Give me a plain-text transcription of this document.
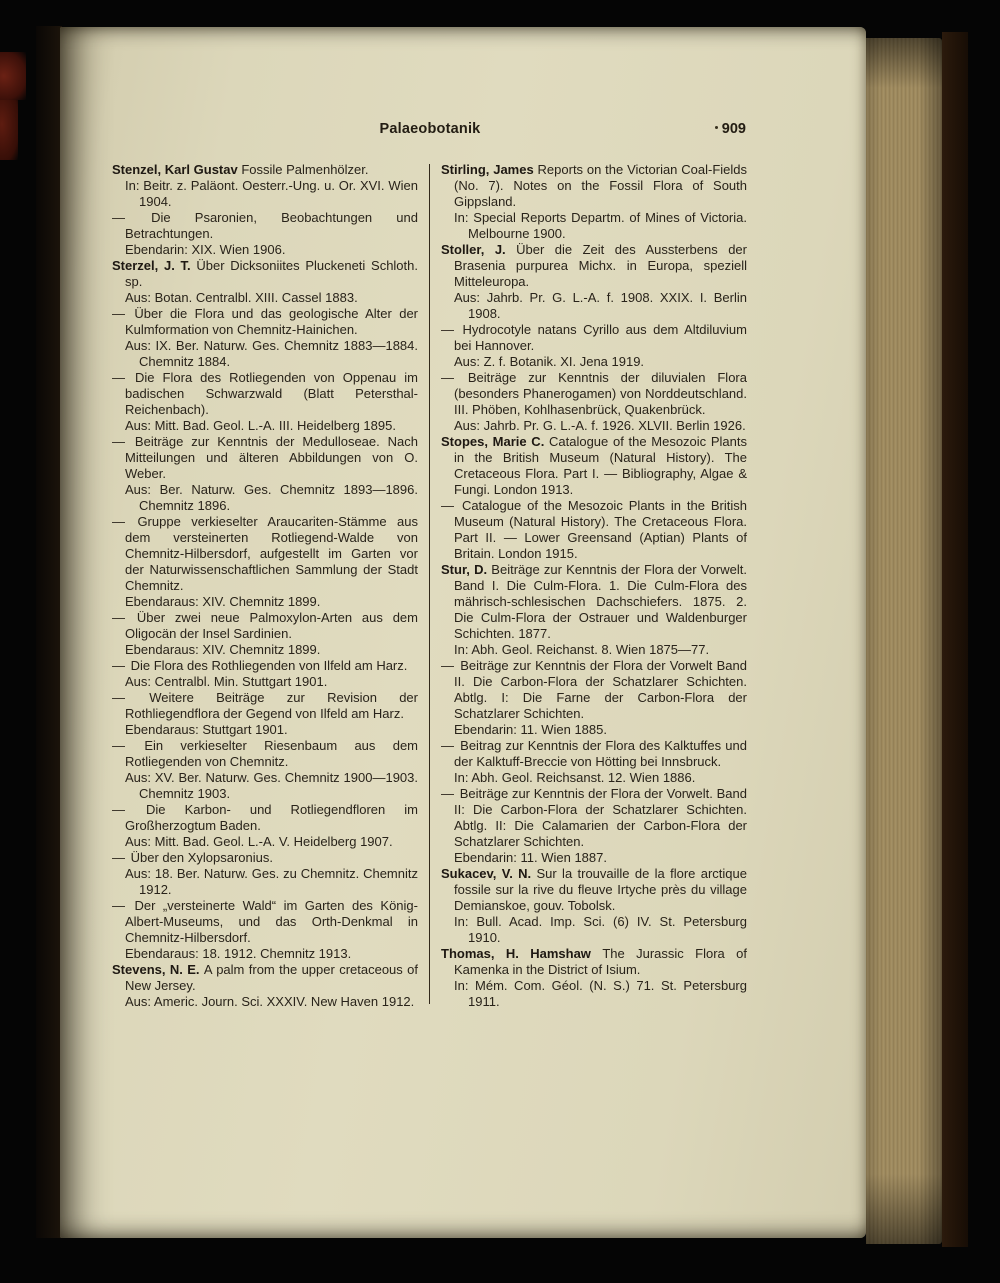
Palaeobotanik	909

Stenzel, Karl Gustav Fossile Palmenhölzer.

In: Beitr. z. Paläont. Oesterr.-Ung. u. Or. XVI. Wien 1904.

— Die Psaronien, Beobachtungen und Betrachtungen.

Ebendarin: XIX. Wien 1906.

Sterzel, J. T. Über Dicksoniites Pluckeneti Schloth. sp.

Aus: Botan. Centralbl. XIII. Cassel 1883.

— Über die Flora und das geologische Alter der Kulmformation von Chemnitz-Hainichen.

Aus: IX. Ber. Naturw. Ges. Chemnitz 1883—1884. Chemnitz 1884.

— Die Flora des Rotliegenden von Oppenau im badischen Schwarzwald (Blatt Petersthal-Reichenbach).

Aus: Mitt. Bad. Geol. L.-A. III. Heidelberg 1895.

— Beiträge zur Kenntnis der Medulloseae. Nach Mitteilungen und älteren Abbildungen von O. Weber.

Aus: Ber. Naturw. Ges. Chemnitz 1893—1896. Chemnitz 1896.

— Gruppe verkieselter Araucariten-Stämme aus dem versteinerten Rotliegend-Walde von Chemnitz-Hilbersdorf, aufgestellt im Garten vor der Naturwissenschaftlichen Sammlung der Stadt Chemnitz.

Ebendaraus: XIV. Chemnitz 1899.

— Über zwei neue Palmoxylon-Arten aus dem Oligocän der Insel Sardinien.

Ebendaraus: XIV. Chemnitz 1899.

— Die Flora des Rothliegenden von Ilfeld am Harz.

Aus: Centralbl. Min. Stuttgart 1901.

— Weitere Beiträge zur Revision der Rothliegendflora der Gegend von Ilfeld am Harz.

Ebendaraus: Stuttgart 1901.

— Ein verkieselter Riesenbaum aus dem Rotliegenden von Chemnitz.

Aus: XV. Ber. Naturw. Ges. Chemnitz 1900—1903. Chemnitz 1903.

— Die Karbon- und Rotliegendfloren im Großherzogtum Baden.

Aus: Mitt. Bad. Geol. L.-A. V. Heidelberg 1907.

— Über den Xylopsaronius.

Aus: 18. Ber. Naturw. Ges. zu Chemnitz. Chemnitz 1912.

— Der „versteinerte Wald“ im Garten des König-Albert-Museums, und das Orth-Denkmal in Chemnitz-Hilbersdorf.

Ebendaraus: 18. 1912. Chemnitz 1913.

Stevens, N. E. A palm from the upper cretaceous of New Jersey.

Aus: Americ. Journ. Sci. XXXIV. New Haven 1912.

Stirling, James Reports on the Victorian Coal-Fields (No. 7). Notes on the Fossil Flora of South Gippsland.

In: Special Reports Departm. of Mines of Victoria. Melbourne 1900.

Stoller, J. Über die Zeit des Aussterbens der Brasenia purpurea Michx. in Europa, speziell Mitteleuropa.

Aus: Jahrb. Pr. G. L.-A. f. 1908. XXIX. I. Berlin 1908.

— Hydrocotyle natans Cyrillo aus dem Altdiluvium bei Hannover.

Aus: Z. f. Botanik. XI. Jena 1919.

— Beiträge zur Kenntnis der diluvialen Flora (besonders Phanerogamen) von Norddeutschland. III. Phöben, Kohlhasenbrück, Quakenbrück.

Aus: Jahrb. Pr. G. L.-A. f. 1926. XLVII. Berlin 1926.

Stopes, Marie C. Catalogue of the Mesozoic Plants in the British Museum (Natural History). The Cretaceous Flora. Part I. — Bibliography, Algae & Fungi. London 1913.

— Catalogue of the Mesozoic Plants in the British Museum (Natural History). The Cretaceous Flora. Part II. — Lower Greensand (Aptian) Plants of Britain. London 1915.

Stur, D. Beiträge zur Kenntnis der Flora der Vorwelt. Band I. Die Culm-Flora. 1. Die Culm-Flora des mährisch-schlesischen Dachschiefers. 1875. 2. Die Culm-Flora der Ostrauer und Waldenburger Schichten. 1877.

In: Abh. Geol. Reichanst. 8. Wien 1875—77.

— Beiträge zur Kenntnis der Flora der Vorwelt Band II. Die Carbon-Flora der Schatzlarer Schichten. Abtlg. I: Die Farne der Carbon-Flora der Schatzlarer Schichten.

Ebendarin: 11. Wien 1885.

— Beitrag zur Kenntnis der Flora des Kalktuffes und der Kalktuff-Breccie von Hötting bei Innsbruck.

In: Abh. Geol. Reichsanst. 12. Wien 1886.

— Beiträge zur Kenntnis der Flora der Vorwelt. Band II: Die Carbon-Flora der Schatzlarer Schichten. Abtlg. II: Die Calamarien der Carbon-Flora der Schatzlarer Schichten.

Ebendarin: 11. Wien 1887.

Sukacev, V. N. Sur la trouvaille de la flore arctique fossile sur la rive du fleuve Irtyche près du village Demianskoe, gouv. Tobolsk.

In: Bull. Acad. Imp. Sci. (6) IV. St. Petersburg 1910.

Thomas, H. Hamshaw The Jurassic Flora of Kamenka in the District of Isium.

In: Mém. Com. Géol. (N. S.) 71. St. Petersburg 1911.
